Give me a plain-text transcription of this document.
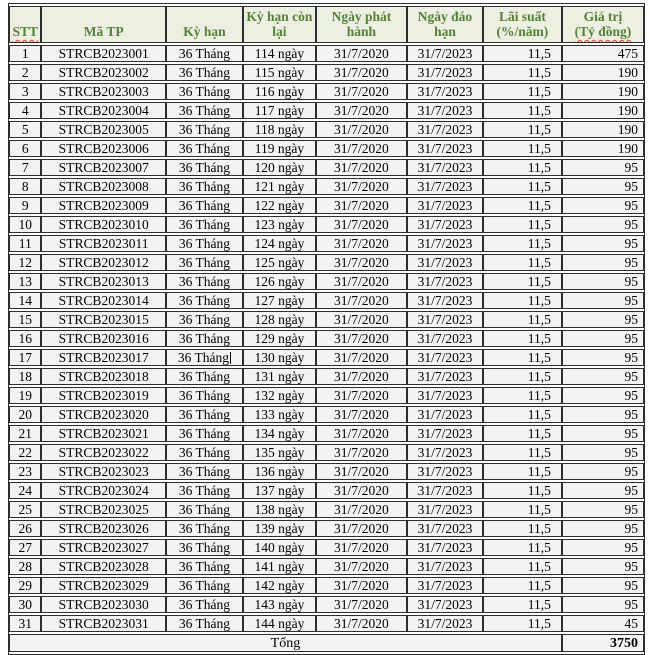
STT	Mã TP	Kỳ hạn	Kỳ hạn còn lại	Ngày phát hành	Ngày đáo hạn	Lãi suất (%/năm)	Giá trị
(Tỷ đồng)
1	STRCB2023001	36 Tháng	114 ngày	31/7/2020	31/7/2023	11,5	475
2	STRCB2023002	36 Tháng	115 ngày	31/7/2020	31/7/2023	11,5	190
3	STRCB2023003	36 Tháng	116 ngày	31/7/2020	31/7/2023	11,5	190
4	STRCB2023004	36 Tháng	117 ngày	31/7/2020	31/7/2023	11,5	190
5	STRCB2023005	36 Tháng	118 ngày	31/7/2020	31/7/2023	11,5	190
6	STRCB2023006	36 Tháng	119 ngày	31/7/2020	31/7/2023	11,5	190
7	STRCB2023007	36 Tháng	120 ngày	31/7/2020	31/7/2023	11,5	95
8	STRCB2023008	36 Tháng	121 ngày	31/7/2020	31/7/2023	11,5	95
9	STRCB2023009	36 Tháng	122 ngày	31/7/2020	31/7/2023	11,5	95
10	STRCB2023010	36 Tháng	123 ngày	31/7/2020	31/7/2023	11,5	95
11	STRCB2023011	36 Tháng	124 ngày	31/7/2020	31/7/2023	11,5	95
12	STRCB2023012	36 Tháng	125 ngày	31/7/2020	31/7/2023	11,5	95
13	STRCB2023013	36 Tháng	126 ngày	31/7/2020	31/7/2023	11,5	95
14	STRCB2023014	36 Tháng	127 ngày	31/7/2020	31/7/2023	11,5	95
15	STRCB2023015	36 Tháng	128 ngày	31/7/2020	31/7/2023	11,5	95
16	STRCB2023016	36 Tháng	129 ngày	31/7/2020	31/7/2023	11,5	95
17	STRCB2023017	36 Tháng	130 ngày	31/7/2020	31/7/2023	11,5	95
18	STRCB2023018	36 Tháng	131 ngày	31/7/2020	31/7/2023	11,5	95
19	STRCB2023019	36 Tháng	132 ngày	31/7/2020	31/7/2023	11,5	95
20	STRCB2023020	36 Tháng	133 ngày	31/7/2020	31/7/2023	11,5	95
21	STRCB2023021	36 Tháng	134 ngày	31/7/2020	31/7/2023	11,5	95
22	STRCB2023022	36 Tháng	135 ngày	31/7/2020	31/7/2023	11,5	95
23	STRCB2023023	36 Tháng	136 ngày	31/7/2020	31/7/2023	11,5	95
24	STRCB2023024	36 Tháng	137 ngày	31/7/2020	31/7/2023	11,5	95
25	STRCB2023025	36 Tháng	138 ngày	31/7/2020	31/7/2023	11,5	95
26	STRCB2023026	36 Tháng	139 ngày	31/7/2020	31/7/2023	11,5	95
27	STRCB2023027	36 Tháng	140 ngày	31/7/2020	31/7/2023	11,5	95
28	STRCB2023028	36 Tháng	141 ngày	31/7/2020	31/7/2023	11,5	95
29	STRCB2023029	36 Tháng	142 ngày	31/7/2020	31/7/2023	11,5	95
30	STRCB2023030	36 Tháng	143 ngày	31/7/2020	31/7/2023	11,5	95
31	STRCB2023031	36 Tháng	144 ngày	31/7/2020	31/7/2023	11,5	45
Tổng							3750
